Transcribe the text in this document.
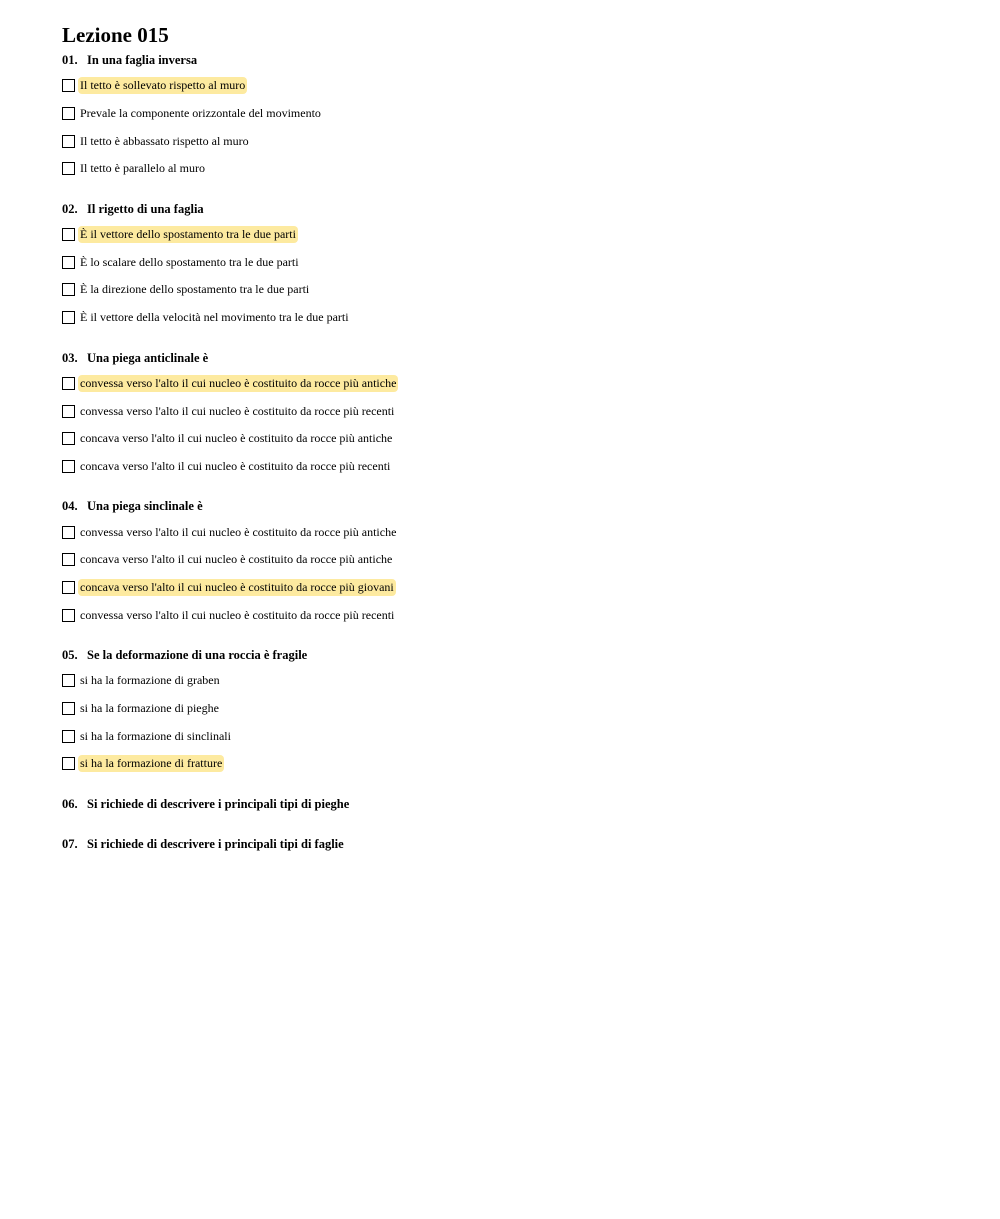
Lezione 015
01. In una faglia inversa
Il tetto è sollevato rispetto al muro
Prevale la componente orizzontale del movimento
Il tetto è abbassato rispetto al muro
Il tetto è parallelo al muro
02. Il rigetto di una faglia
È il vettore dello spostamento tra le due parti
È lo scalare dello spostamento tra le due parti
È la direzione dello spostamento tra le due parti
È il vettore della velocità nel movimento tra le due parti
03. Una piega anticlinale è
convessa verso l'alto il cui nucleo è costituito da rocce più antiche
convessa verso l'alto il cui nucleo è costituito da rocce più recenti
concava verso l'alto il cui nucleo è costituito da rocce più antiche
concava verso l'alto il cui nucleo è costituito da rocce più recenti
04. Una piega sinclinale è
convessa verso l'alto il cui nucleo è costituito da rocce più antiche
concava verso l'alto il cui nucleo è costituito da rocce più antiche
concava verso l'alto il cui nucleo è costituito da rocce più giovani
convessa verso l'alto il cui nucleo è costituito da rocce più recenti
05. Se la deformazione di una roccia è fragile
si ha la formazione di graben
si ha la formazione di pieghe
si ha la formazione di sinclinali
si ha la formazione di fratture
06. Si richiede di descrivere i principali tipi di pieghe
07. Si richiede di descrivere i principali tipi di faglie
